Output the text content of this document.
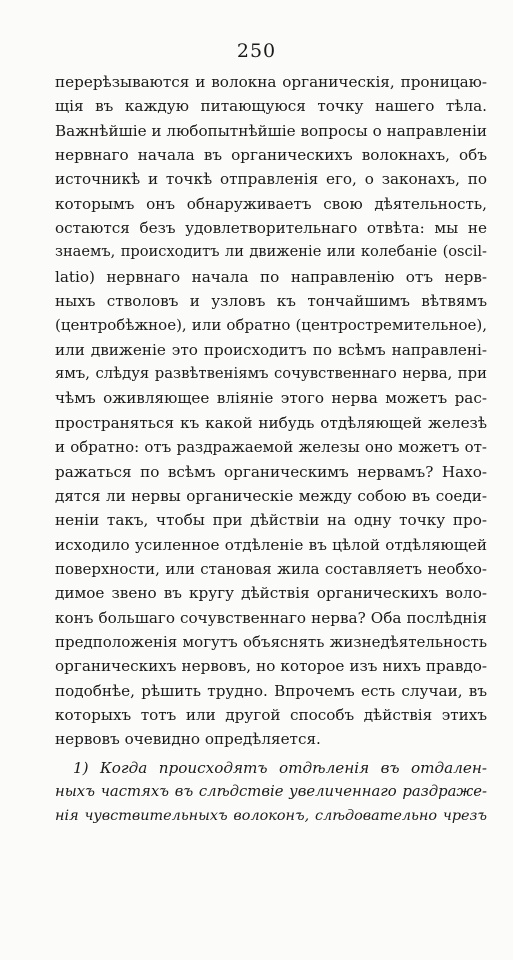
250
перерѣзываются и волокна органическія, проницаю-
щія въ каждую питающуюся точку нашего тѣла.
Важнѣйшіе и любопытнѣйшіе вопросы о направленіи
нервнаго начала въ органическихъ волокнахъ, объ
источникѣ и точкѣ отправленія его, о законахъ, по
которымъ онъ обнаруживаетъ свою дѣятельность,
остаются безъ удовлетворительнаго отвѣта: мы не
знаемъ, происходитъ ли движеніе или колебаніе (oscil-
latio) нервнаго начала по направленію отъ нерв-
ныхъ стволовъ и узловъ къ тончайшимъ вѣтвямъ
(центробѣжное), или обратно (центростремительное),
или движеніе это происходитъ по всѣмъ направлені-
ямъ, слѣдуя развѣтвеніямъ сочувственнаго нерва, при
чѣмъ оживляющее вліяніе этого нерва можетъ рас-
пространяться къ какой нибудь отдѣляющей железѣ
и обратно: отъ раздражаемой железы оно можетъ от-
ражаться по всѣмъ органическимъ нервамъ? Нахо-
дятся ли нервы органическіе между собою въ соеди-
неніи такъ, чтобы при дѣйствіи на одну точку про-
исходило усиленное отдѣленіе въ цѣлой отдѣляющей
поверхности, или становая жила составляетъ необхо-
димое звено въ кругу дѣйствія органическихъ воло-
конъ большаго сочувственнаго нерва? Оба послѣднія
предположенія могутъ объяснять жизнедѣятельность
органическихъ нервовъ, но которое изъ нихъ правдо-
подобнѣе, рѣшить трудно. Впрочемъ есть случаи, въ
которыхъ тотъ или другой способъ дѣйствія этихъ
нервовъ очевидно опредѣляется.
1) Когда происходятъ отдѣленія въ отдален-
ныхъ частяхъ въ слѣдствіе увеличеннаго раздраже-
нія чувствительныхъ волоконъ, слѣдовательно чрезъ
